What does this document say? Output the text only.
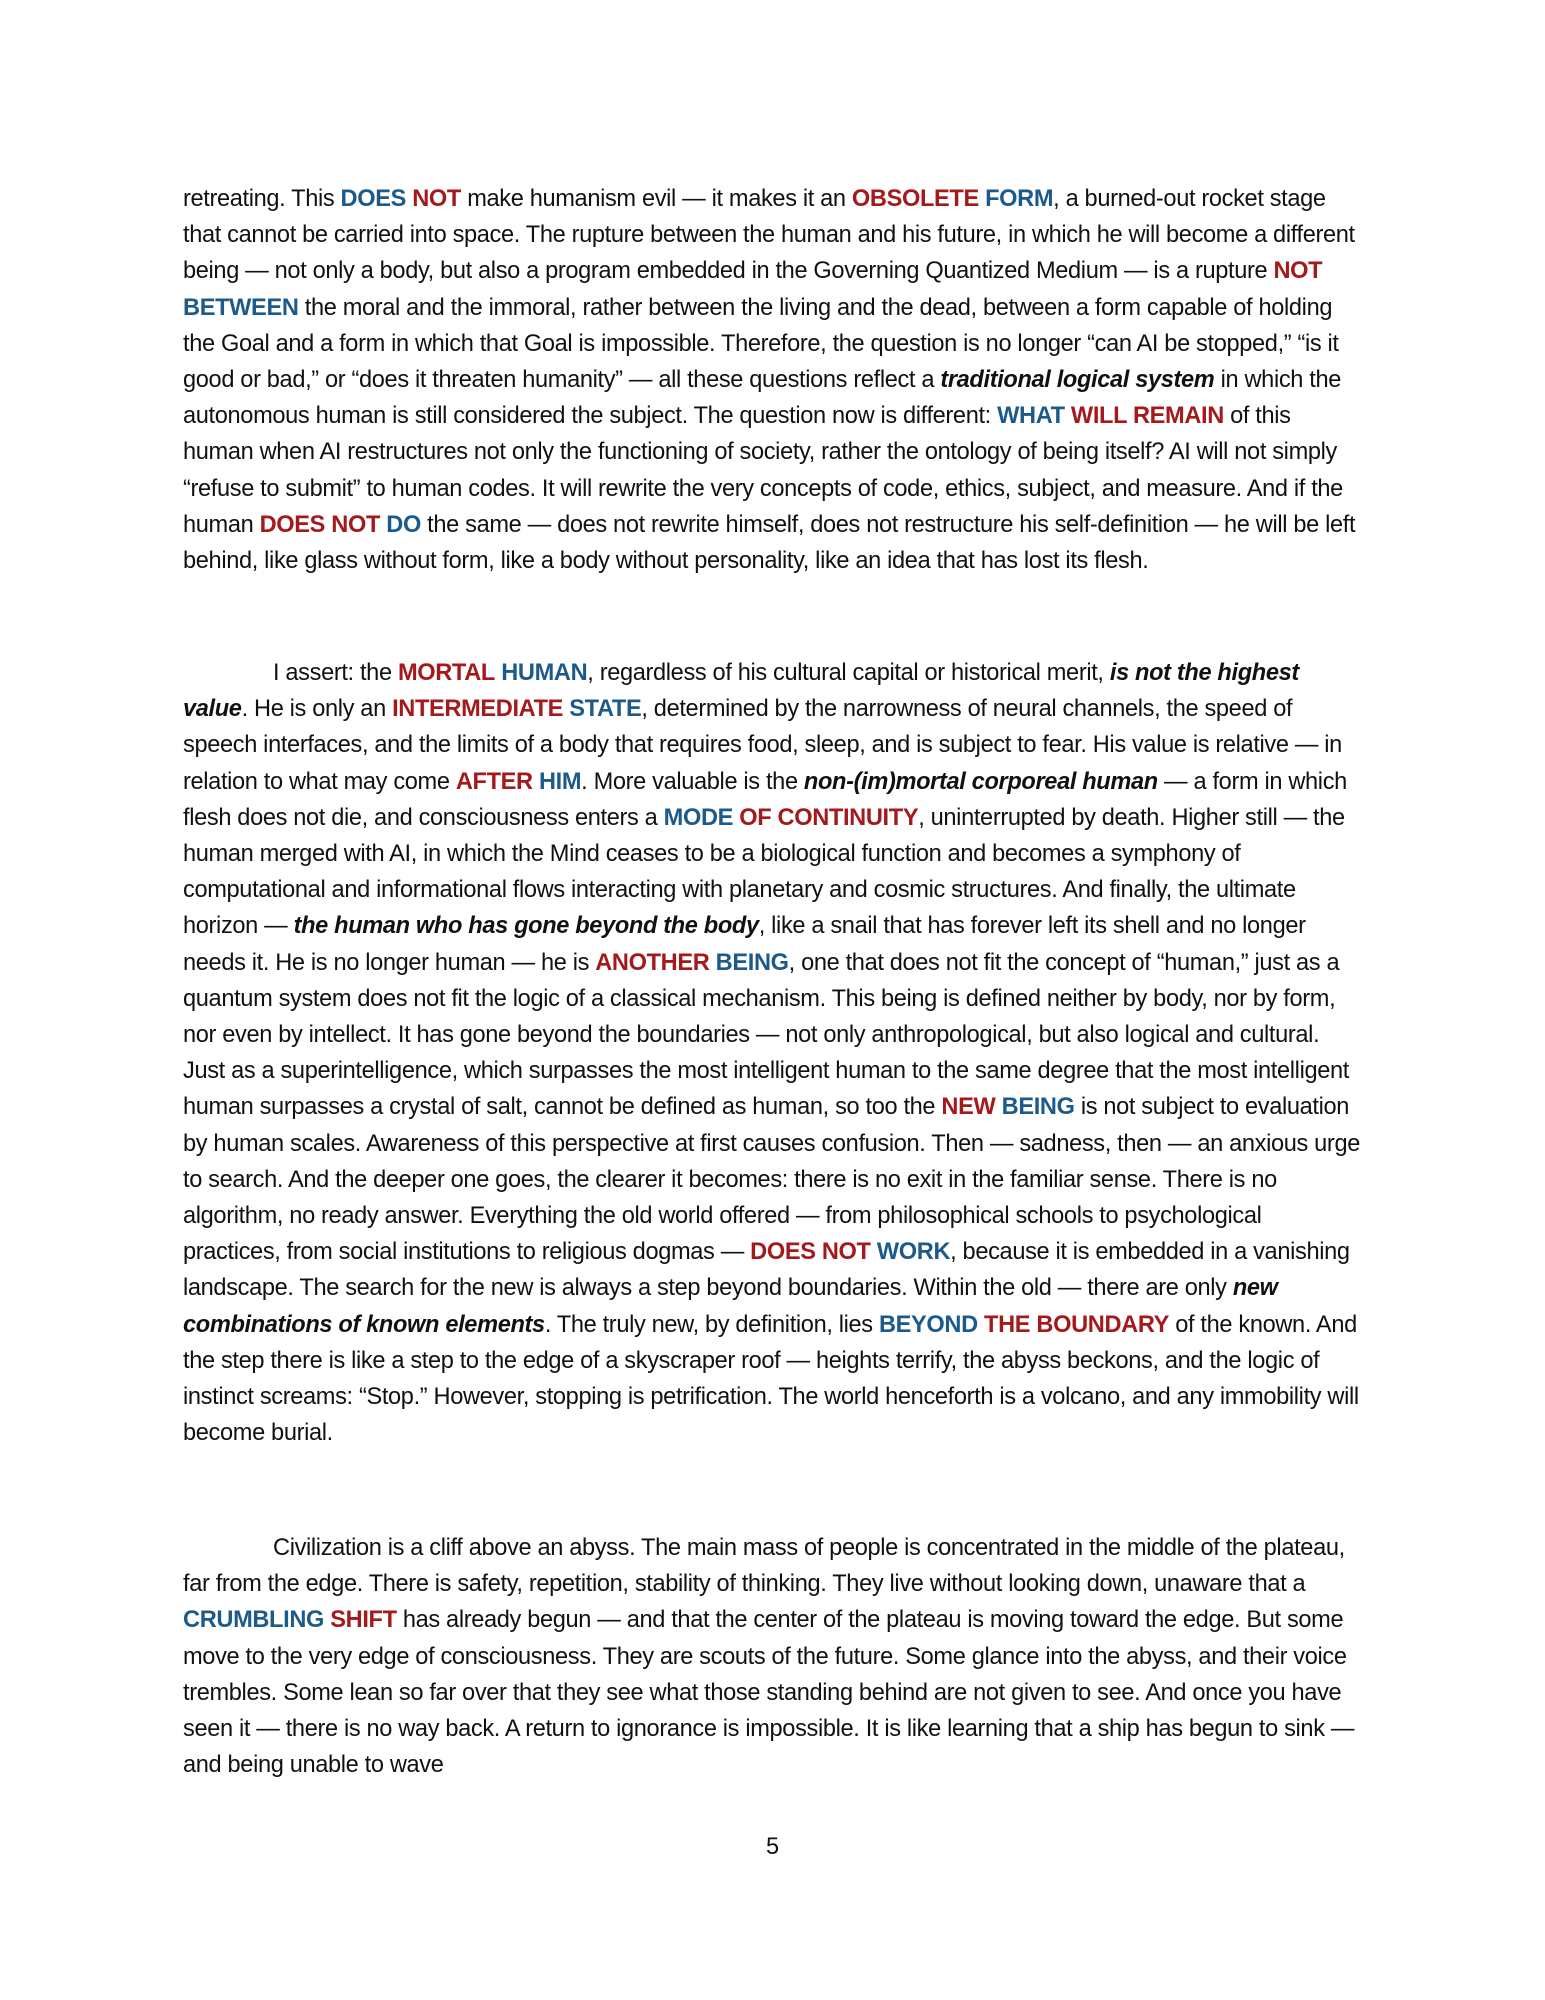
retreating. This DOES NOT make humanism evil — it makes it an OBSOLETE FORM, a burned-out rocket stage that cannot be carried into space. The rupture between the human and his future, in which he will become a different being — not only a body, but also a program embedded in the Governing Quantized Medium — is a rupture NOT BETWEEN the moral and the immoral, rather between the living and the dead, between a form capable of holding the Goal and a form in which that Goal is impossible. Therefore, the question is no longer “can AI be stopped,” “is it good or bad,” or “does it threaten humanity” — all these questions reflect a traditional logical system in which the autonomous human is still considered the subject. The question now is different: WHAT WILL REMAIN of this human when AI restructures not only the functioning of society, rather the ontology of being itself? AI will not simply “refuse to submit” to human codes. It will rewrite the very concepts of code, ethics, subject, and measure. And if the human DOES NOT DO the same — does not rewrite himself, does not restructure his self-definition — he will be left behind, like glass without form, like a body without personality, like an idea that has lost its flesh.

I assert: the MORTAL HUMAN, regardless of his cultural capital or historical merit, is not the highest value. He is only an INTERMEDIATE STATE, determined by the narrowness of neural channels, the speed of speech interfaces, and the limits of a body that requires food, sleep, and is subject to fear. His value is relative — in relation to what may come AFTER HIM. More valuable is the non-(im)mortal corporeal human — a form in which flesh does not die, and consciousness enters a MODE OF CONTINUITY, uninterrupted by death. Higher still — the human merged with AI, in which the Mind ceases to be a biological function and becomes a symphony of computational and informational flows interacting with planetary and cosmic structures. And finally, the ultimate horizon — the human who has gone beyond the body, like a snail that has forever left its shell and no longer needs it. He is no longer human — he is ANOTHER BEING, one that does not fit the concept of “human,” just as a quantum system does not fit the logic of a classical mechanism. This being is defined neither by body, nor by form, nor even by intellect. It has gone beyond the boundaries — not only anthropological, but also logical and cultural. Just as a superintelligence, which surpasses the most intelligent human to the same degree that the most intelligent human surpasses a crystal of salt, cannot be defined as human, so too the NEW BEING is not subject to evaluation by human scales. Awareness of this perspective at first causes confusion. Then — sadness, then — an anxious urge to search. And the deeper one goes, the clearer it becomes: there is no exit in the familiar sense. There is no algorithm, no ready answer. Everything the old world offered — from philosophical schools to psychological practices, from social institutions to religious dogmas — DOES NOT WORK, because it is embedded in a vanishing landscape. The search for the new is always a step beyond boundaries. Within the old — there are only new combinations of known elements. The truly new, by definition, lies BEYOND THE BOUNDARY of the known. And the step there is like a step to the edge of a skyscraper roof — heights terrify, the abyss beckons, and the logic of instinct screams: “Stop.” However, stopping is petrification. The world henceforth is a volcano, and any immobility will become burial.

Civilization is a cliff above an abyss. The main mass of people is concentrated in the middle of the plateau, far from the edge. There is safety, repetition, stability of thinking. They live without looking down, unaware that a CRUMBLING SHIFT has already begun — and that the center of the plateau is moving toward the edge. But some move to the very edge of consciousness. They are scouts of the future. Some glance into the abyss, and their voice trembles. Some lean so far over that they see what those standing behind are not given to see. And once you have seen it — there is no way back. A return to ignorance is impossible. It is like learning that a ship has begun to sink — and being unable to wave

5
